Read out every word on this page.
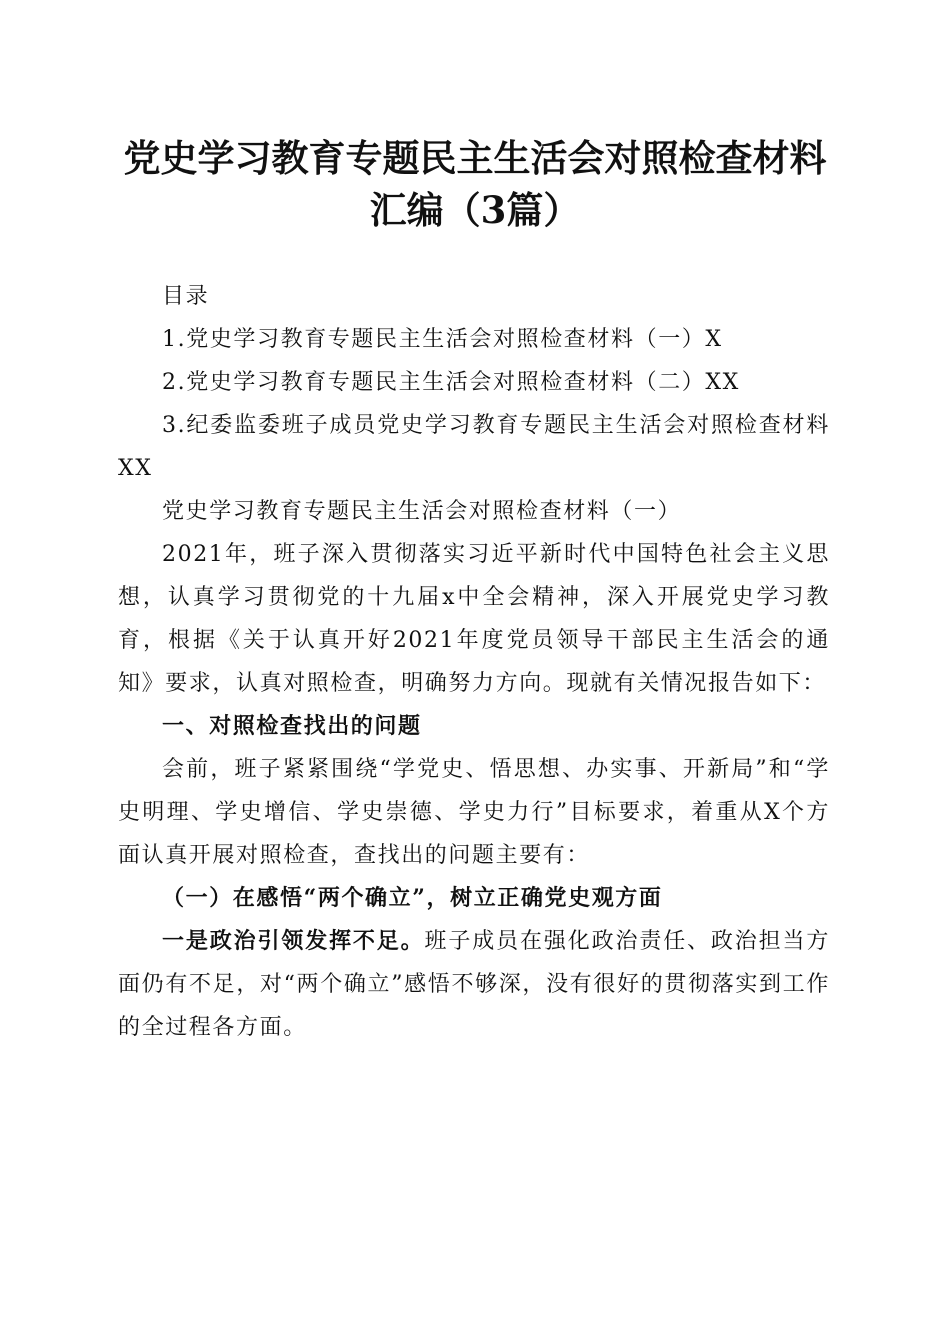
党史学习教育专题民主生活会对照检查材料汇编（3篇）

目录

1.党史学习教育专题民主生活会对照检查材料（一）X

2.党史学习教育专题民主生活会对照检查材料（二）XX

3.纪委监委班子成员党史学习教育专题民主生活会对照检查材料XX

党史学习教育专题民主生活会对照检查材料（一）

2021年，班子深入贯彻落实习近平新时代中国特色社会主义思想，认真学习贯彻党的十九届x中全会精神，深入开展党史学习教育，根据《关于认真开好2021年度党员领导干部民主生活会的通知》要求，认真对照检查，明确努力方向。现就有关情况报告如下：

一、对照检查找出的问题

会前，班子紧紧围绕“学党史、悟思想、办实事、开新局”和“学史明理、学史增信、学史崇德、学史力行”目标要求，着重从X个方面认真开展对照检查，查找出的问题主要有：

（一）在感悟“两个确立”，树立正确党史观方面

一是政治引领发挥不足。班子成员在强化政治责任、政治担当方面仍有不足，对“两个确立”感悟不够深，没有很好的贯彻落实到工作的全过程各方面。
